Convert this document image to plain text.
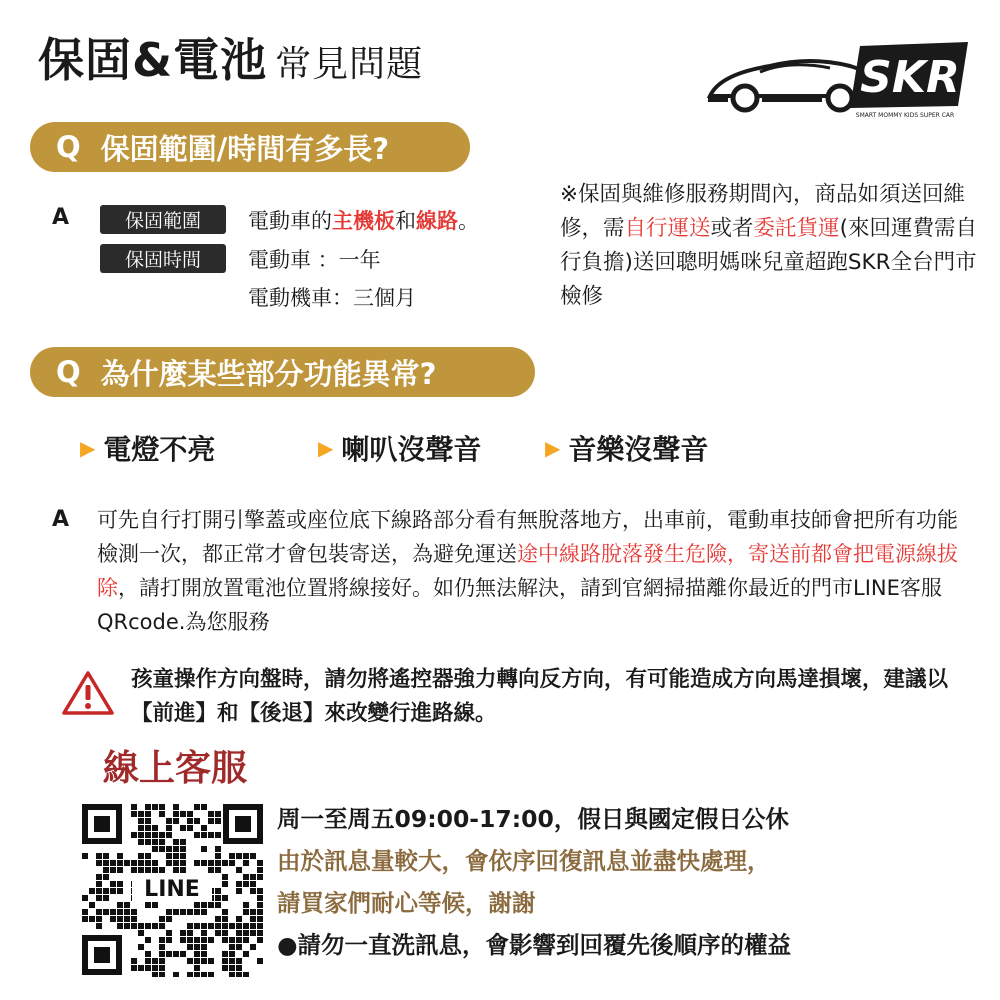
保固&電池 常見問題	SKR
SMART MOMMY KIDS SUPER CAR
Q 保固範圍/時間有多長?
A	保固範圍	電動車的主機板和線路。
保固時間	電動車 ：一年
電動機車：三個月
※保固與維修服務期間內，商品如須送回維修，需自行運送或者委託貨運(來回運費需自行負擔)送回聰明媽咪兒童超跑SKR全台門市檢修
Q 為什麼某些部分功能異常?
▶ 電燈不亮	▶ 喇叭沒聲音	▶ 音樂沒聲音
A 可先自行打開引擎蓋或座位底下線路部分看有無脫落地方，出車前，電動車技師會把所有功能檢測一次，都正常才會包裝寄送，為避免運送途中線路脫落發生危險，寄送前都會把電源線拔除，請打開放置電池位置將線接好。如仍無法解決，請到官網掃描離你最近的門市LINE客服QRcode.為您服務
孩童操作方向盤時，請勿將遙控器強力轉向反方向，有可能造成方向馬達損壞，建議以【前進】和【後退】來改變行進路線。
線上客服
LINE
周一至周五09:00-17:00，假日與國定假日公休
由於訊息量較大，會依序回復訊息並盡快處理，
請買家們耐心等候，謝謝
●請勿一直洗訊息，會影響到回覆先後順序的權益
